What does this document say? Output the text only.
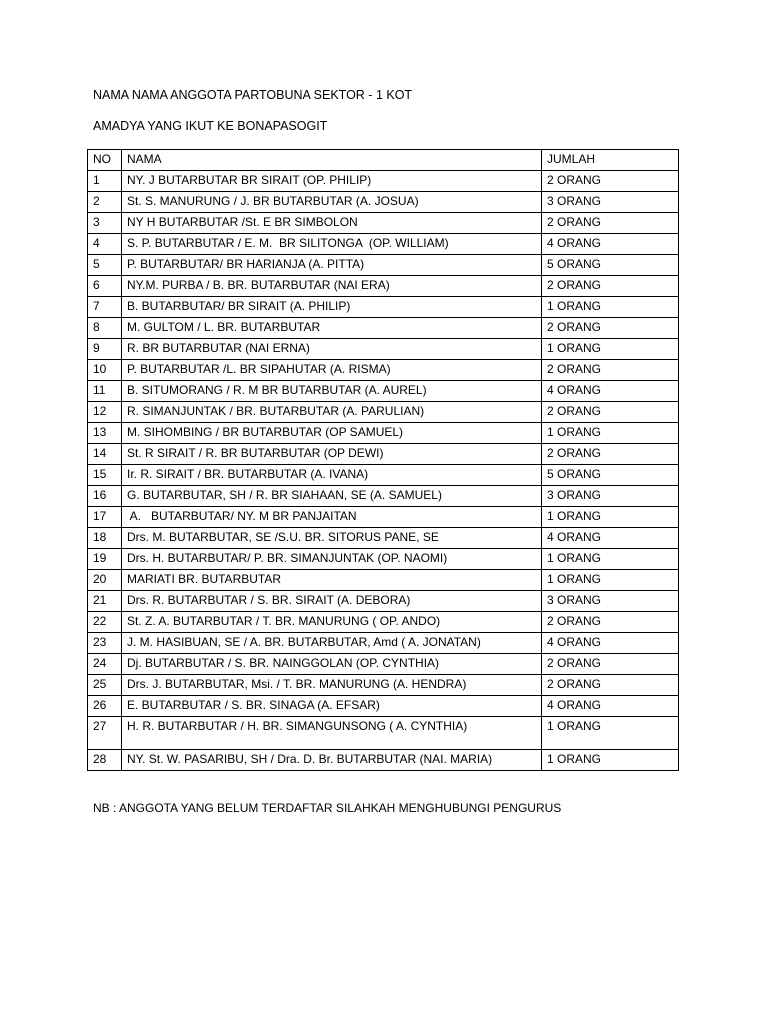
NAMA NAMA ANGGOTA PARTOBUNA SEKTOR - 1 KOT
AMADYA YANG IKUT KE BONAPASOGIT
NO	NAMA	JUMLAH
1	NY. J BUTARBUTAR BR SIRAIT (OP. PHILIP)	2 ORANG
2	St. S. MANURUNG / J. BR BUTARBUTAR (A. JOSUA)	3 ORANG
3	NY H BUTARBUTAR /St. E BR SIMBOLON	2 ORANG
4	S. P. BUTARBUTAR / E. M.  BR SILITONGA  (OP. WILLIAM)	4 ORANG
5	P. BUTARBUTAR/ BR HARIANJA (A. PITTA)	5 ORANG
6	NY.M. PURBA / B. BR. BUTARBUTAR (NAI ERA)	2 ORANG
7	B. BUTARBUTAR/ BR SIRAIT (A. PHILIP)	1 ORANG
8	M. GULTOM / L. BR. BUTARBUTAR	2 ORANG
9	R. BR BUTARBUTAR (NAI ERNA)	1 ORANG
10	P. BUTARBUTAR /L. BR SIPAHUTAR (A. RISMA)	2 ORANG
11	B. SITUMORANG / R. M BR BUTARBUTAR (A. AUREL)	4 ORANG
12	R. SIMANJUNTAK / BR. BUTARBUTAR (A. PARULIAN)	2 ORANG
13	M. SIHOMBING / BR BUTARBUTAR (OP SAMUEL)	1 ORANG
14	St. R SIRAIT / R. BR BUTARBUTAR (OP DEWI)	2 ORANG
15	Ir. R. SIRAIT / BR. BUTARBUTAR (A. IVANA)	5 ORANG
16	G. BUTARBUTAR, SH / R. BR SIAHAAN, SE (A. SAMUEL)	3 ORANG
17	A.   BUTARBUTAR/ NY. M BR PANJAITAN	1 ORANG
18	Drs. M. BUTARBUTAR, SE /S.U. BR. SITORUS PANE, SE	4 ORANG
19	Drs. H. BUTARBUTAR/ P. BR. SIMANJUNTAK (OP. NAOMI)	1 ORANG
20	MARIATI BR. BUTARBUTAR	1 ORANG
21	Drs. R. BUTARBUTAR / S. BR. SIRAIT (A. DEBORA)	3 ORANG
22	St. Z. A. BUTARBUTAR / T. BR. MANURUNG ( OP. ANDO)	2 ORANG
23	J. M. HASIBUAN, SE / A. BR. BUTARBUTAR, Amd ( A. JONATAN)	4 ORANG
24	Dj. BUTARBUTAR / S. BR. NAINGGOLAN (OP. CYNTHIA)	2 ORANG
25	Drs. J. BUTARBUTAR, Msi. / T. BR. MANURUNG (A. HENDRA)	2 ORANG
26	E. BUTARBUTAR / S. BR. SINAGA (A. EFSAR)	4 ORANG
27	H. R. BUTARBUTAR / H. BR. SIMANGUNSONG ( A. CYNTHIA)	1 ORANG
28	NY. St. W. PASARIBU, SH / Dra. D. Br. BUTARBUTAR (NAI. MARIA)	1 ORANG
NB : ANGGOTA YANG BELUM TERDAFTAR SILAHKAH MENGHUBUNGI PENGURUS
